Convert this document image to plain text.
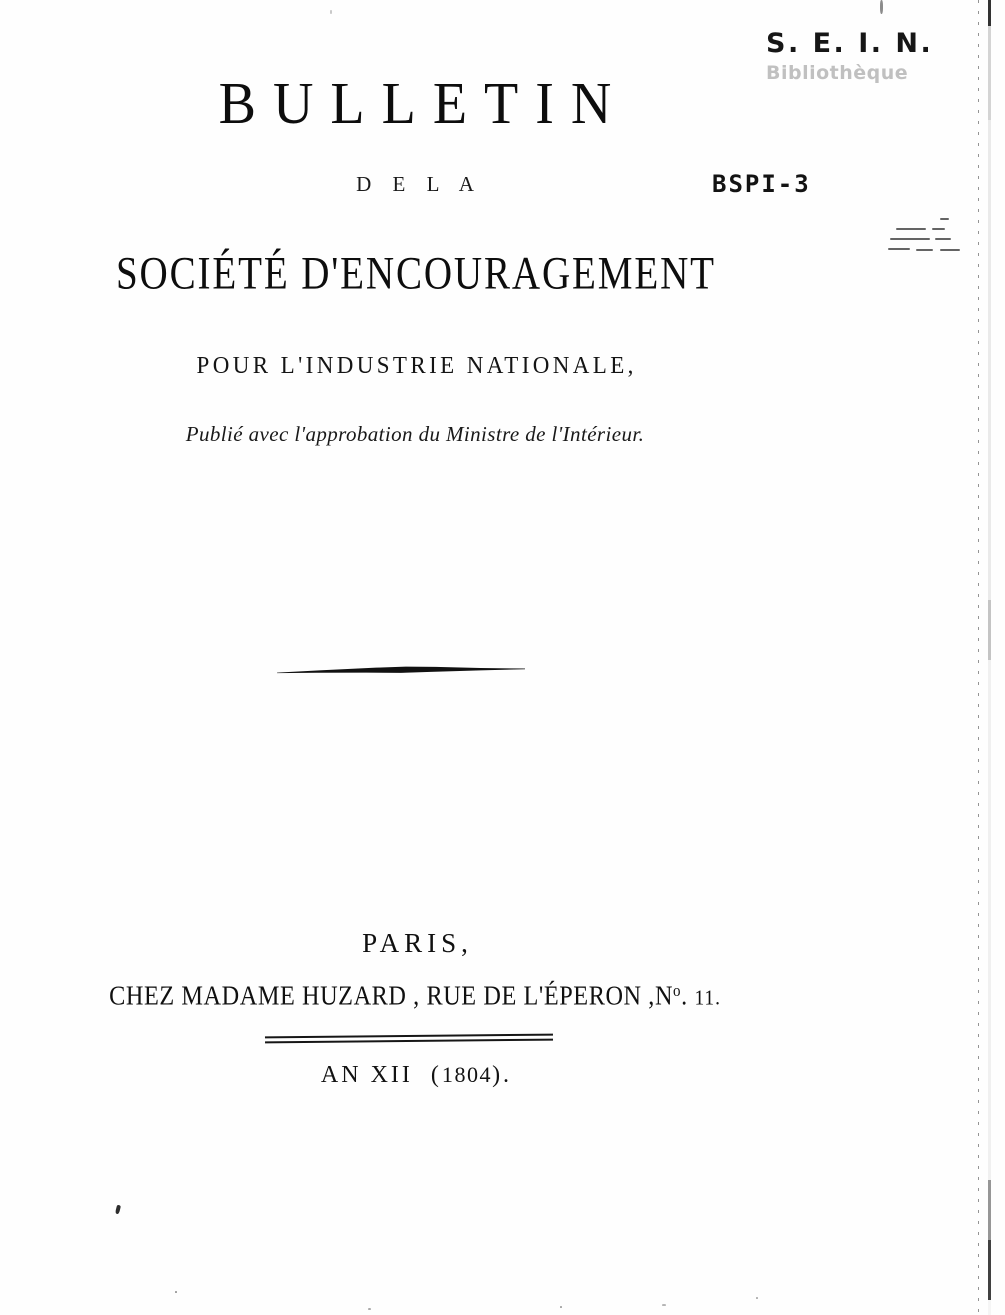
BULLETIN
D E L A
SOCIÉTÉ D'ENCOURAGEMENT
POUR L'INDUSTRIE NATIONALE,
Publié avec l'approbation du Ministre de l'Intérieur.
PARIS,
CHEZ MADAME HUZARD , RUE DE L'ÉPERON $,N^o$. 11.
AN XII (1804).
S. E. I. N.
Bibliothèque
BSPI-3
